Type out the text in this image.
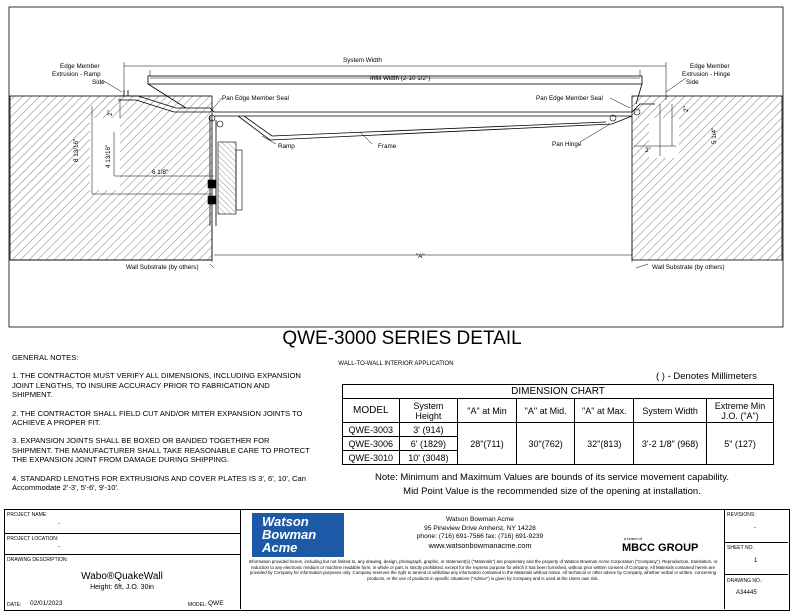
Edge Member
Extrusion - Ramp
Side
Edge Member
Extrusion - Hinge
Side
System Width
Infill Width (2-10 1/2")
Pan Edge Member Seal	Pan Edge Member Seal
Ramp	Frame	Pan Hinge
2"
2"
2"
8 13/16"	4 13/16"
5 1/4"
6 1/8"
"A"
Wall Substrate (by others)	Wall Substrate (by others)
QWE-3000 SERIES DETAIL
WALL-TO-WALL INTERIOR APPLICATION

GENERAL NOTES:

1. THE CONTRACTOR MUST VERIFY ALL DIMENSIONS, INCLUDING EXPANSION JOINT LENGTHS, TO INSURE ACCURACY PRIOR TO FABRICATION AND SHIPMENT.

2. THE CONTRACTOR SHALL FIELD CUT AND/OR MITER EXPANSION JOINTS TO ACHIEVE A PROPER FIT.

3. EXPANSION JOINTS SHALL BE BOXED OR BANDED TOGETHER FOR SHIPMENT. THE MANUFACTURER SHALL TAKE REASONABLE CARE TO PROTECT THE EXPANSION JOINT FROM DAMAGE DURING SHIPPING.

4. STANDARD LENGTHS FOR EXTRUSIONS AND COVER PLATES IS 3', 6', 10', Can Accommodate 2'-3', 5'-6', 9'-10'.

( ) - Denotes Millimeters
DIMENSION CHART						
MODEL	System Height	"A" at Min	"A" at Mid.	"A" at Max.	System Width	Extreme Min J.O. ("A")
QWE-3003	3' (914)	28"(711)	30"(762)	32"(813)	3'-2 1/8" (968)	5" (127)
QWE-3006	6' (1829)					
QWE-3010	10' (3048)					
Note: Minimum and Maximum Values are bounds of its service movement capability.
Mid Point Value is the recommended size of the opening at installation.
PROJECT NAME:
-
PROJECT LOCATION:
-
DRAWING DESCRIPTION:
Wabo®QuakeWall
Height: 6ft, J.O. 30in
DATE: 02/01/2023	MODEL: QWE
Watson
Bowman
Acme
Watson Bowman Acme
95 Pineview Drive Amherst, NY 14228
phone: (716) 691-7566 fax: (716) 691-9239
www.watsonbowmanacme.com
a brand of
MBCC GROUP
Information provided herein, including but not limited to, any drawing, design, photograph, graphic, or statement(s) ("Materials") are proprietary and the property of Watson Bowman Acme Corporation ("Company"). Reproduction, translation, or reduction to any electronic medium or machine readable form, in whole or part, is strictly prohibited, except for the express purpose for which it has been furnished, without prior written consent of Company. All Materials contained herein are provided by Company for information purposes only. Company reserves the right to amend or withdraw any information contained in the Materials without notice. All technical or other advice by Company, whether verbal or written, concerning products, or the use of products in specific situations ("Advice") is given by Company and is used at the Users own risk.
REVISIONS:
-
SHEET NO.
1
DRAWING NO.:
A34445
